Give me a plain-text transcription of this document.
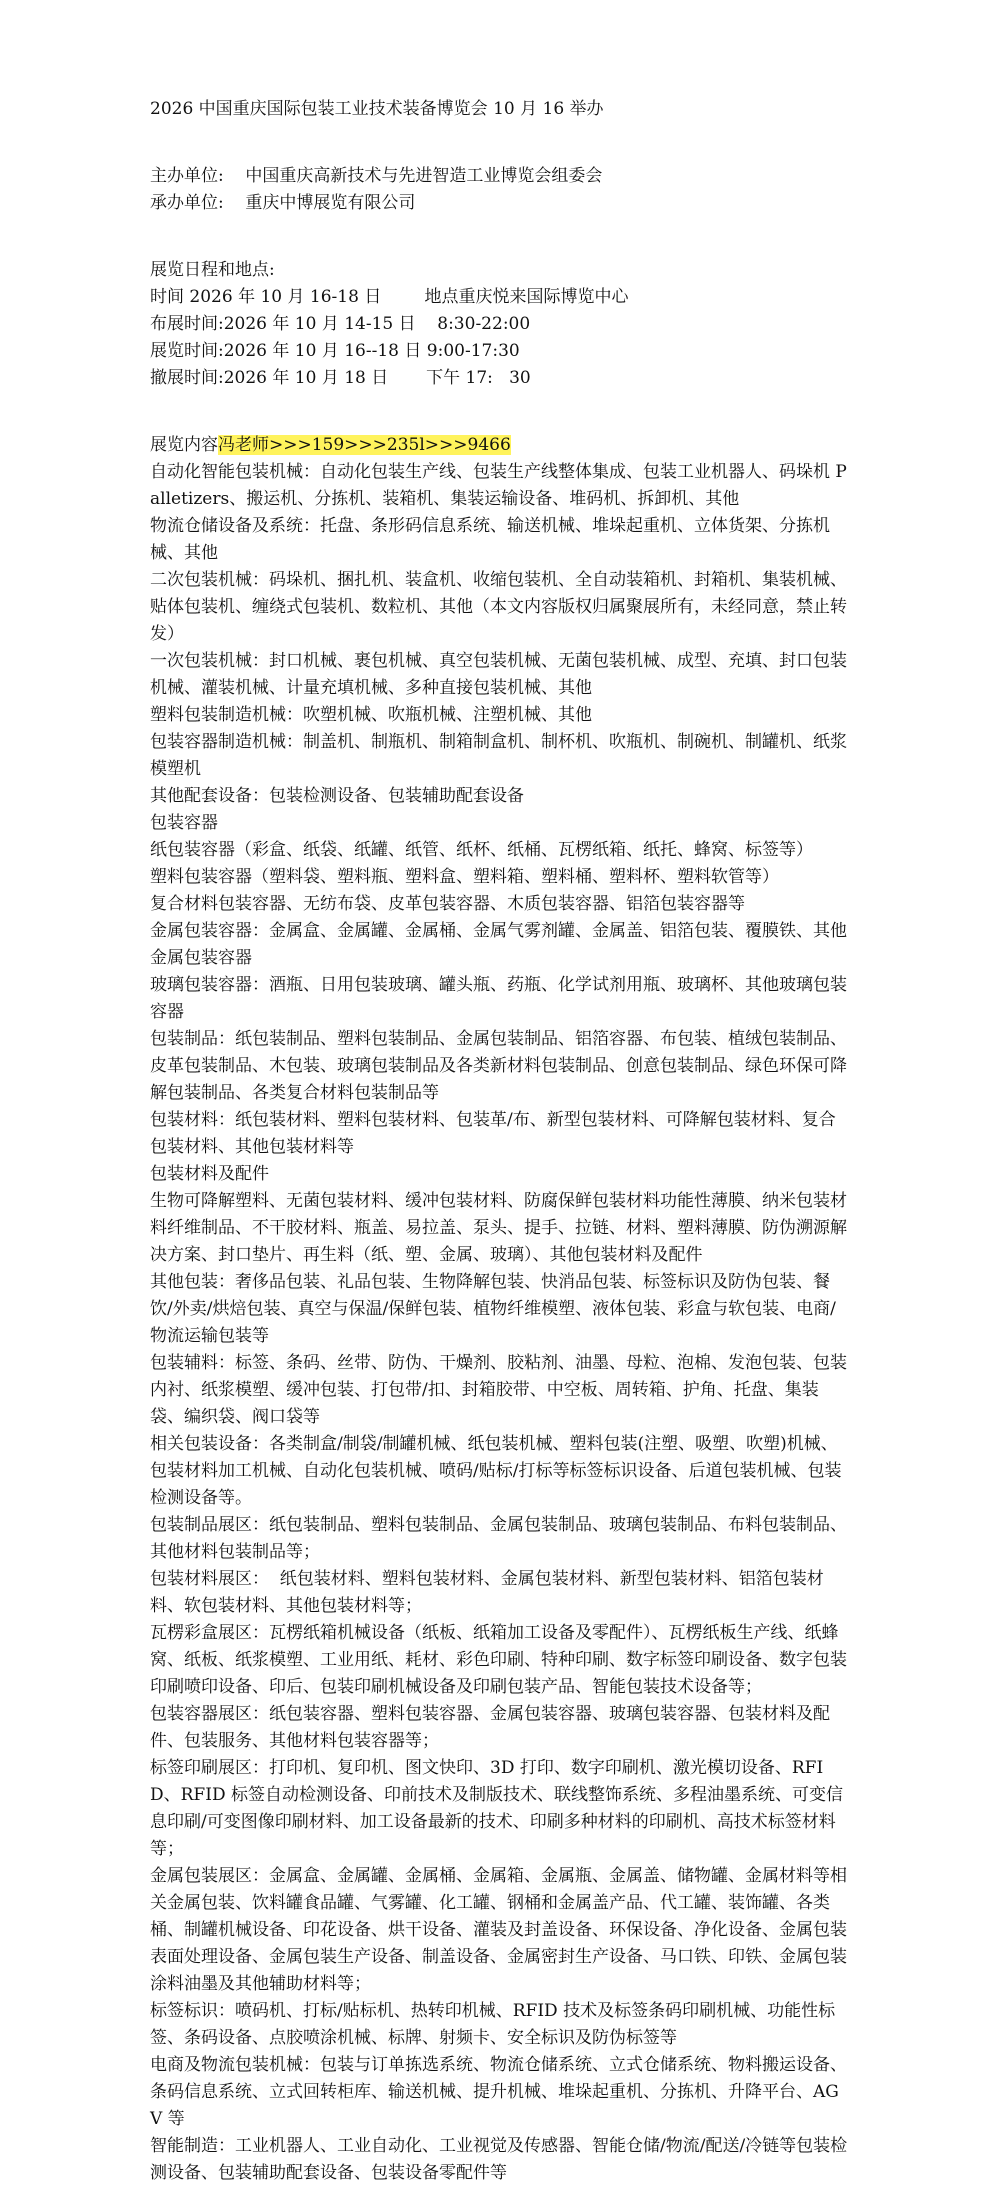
2026 中国重庆国际包装工业技术装备博览会 10 月 16 举办
主办单位:    中国重庆高新技术与先进智造工业博览会组委会
承办单位:    重庆中博展览有限公司
展览日程和地点:
时间 2026 年 10 月 16-18 日        地点重庆悦来国际博览中心
布展时间:2026 年 10 月 14-15 日    8:30-22:00
展览时间:2026 年 10 月 16--18 日 9:00-17:30
撤展时间:2026 年 10 月 18 日       下午 17:   30
展览内容冯老师>>>159>>>235l>>>9466
自动化智能包装机械：自动化包装生产线、包装生产线整体集成、包装工业机器人、码垛机 Palletizers、搬运机、分拣机、装箱机、集装运输设备、堆码机、拆卸机、其他
物流仓储设备及系统：托盘、条形码信息系统、输送机械、堆垛起重机、立体货架、分拣机械、其他
二次包装机械：码垛机、捆扎机、装盒机、收缩包装机、全自动装箱机、封箱机、集装机械、贴体包装机、缠绕式包装机、数粒机、其他（本文内容版权归属聚展所有，未经同意，禁止转发）
一次包装机械：封口机械、裹包机械、真空包装机械、无菌包装机械、成型、充填、封口包装机械、灌装机械、计量充填机械、多种直接包装机械、其他
塑料包装制造机械：吹塑机械、吹瓶机械、注塑机械、其他
包装容器制造机械：制盖机、制瓶机、制箱制盒机、制杯机、吹瓶机、制碗机、制罐机、纸浆模塑机
其他配套设备：包装检测设备、包装辅助配套设备
包装容器
纸包装容器（彩盒、纸袋、纸罐、纸管、纸杯、纸桶、瓦楞纸箱、纸托、蜂窝、标签等）
塑料包装容器（塑料袋、塑料瓶、塑料盒、塑料箱、塑料桶、塑料杯、塑料软管等）
复合材料包装容器、无纺布袋、皮革包装容器、木质包装容器、铝箔包装容器等
金属包装容器：金属盒、金属罐、金属桶、金属气雾剂罐、金属盖、铝箔包装、覆膜铁、其他金属包装容器
玻璃包装容器：酒瓶、日用包装玻璃、罐头瓶、药瓶、化学试剂用瓶、玻璃杯、其他玻璃包装容器
包装制品：纸包装制品、塑料包装制品、金属包装制品、铝箔容器、布包装、植绒包装制品、皮革包装制品、木包装、玻璃包装制品及各类新材料包装制品、创意包装制品、绿色环保可降解包装制品、各类复合材料包装制品等
包装材料：纸包装材料、塑料包装材料、包装革/布、新型包装材料、可降解包装材料、复合包装材料、其他包装材料等
包装材料及配件
生物可降解塑料、无菌包装材料、缓冲包装材料、防腐保鲜包装材料功能性薄膜、纳米包装材料纤维制品、不干胶材料、瓶盖、易拉盖、泵头、提手、拉链、材料、塑料薄膜、防伪溯源解决方案、封口垫片、再生料（纸、塑、金属、玻璃）、其他包装材料及配件
其他包装：奢侈品包装、礼品包装、生物降解包装、快消品包装、标签标识及防伪包装、餐饮/外卖/烘焙包装、真空与保温/保鲜包装、植物纤维模塑、液体包装、彩盒与软包装、电商/物流运输包装等
包装辅料：标签、条码、丝带、防伪、干燥剂、胶粘剂、油墨、母粒、泡棉、发泡包装、包装内衬、纸浆模塑、缓冲包装、打包带/扣、封箱胶带、中空板、周转箱、护角、托盘、集装袋、编织袋、阀口袋等
相关包装设备：各类制盒/制袋/制罐机械、纸包装机械、塑料包装(注塑、吸塑、吹塑)机械、包装材料加工机械、自动化包装机械、喷码/贴标/打标等标签标识设备、后道包装机械、包装检测设备等。
包装制品展区：纸包装制品、塑料包装制品、金属包装制品、玻璃包装制品、布料包装制品、其他材料包装制品等；
包装材料展区：  纸包装材料、塑料包装材料、金属包装材料、新型包装材料、铝箔包装材料、软包装材料、其他包装材料等；
瓦楞彩盒展区：瓦楞纸箱机械设备（纸板、纸箱加工设备及零配件）、瓦楞纸板生产线、纸蜂窝、纸板、纸浆模塑、工业用纸、耗材、彩色印刷、特种印刷、数字标签印刷设备、数字包装印刷喷印设备、印后、包装印刷机械设备及印刷包装产品、智能包装技术设备等；
包装容器展区：纸包装容器、塑料包装容器、金属包装容器、玻璃包装容器、包装材料及配件、包装服务、其他材料包装容器等；
标签印刷展区：打印机、复印机、图文快印、3D 打印、数字印刷机、激光模切设备、RFID、RFID 标签自动检测设备、印前技术及制版技术、联线整饰系统、多程油墨系统、可变信息印刷/可变图像印刷材料、加工设备最新的技术、印刷多种材料的印刷机、高技术标签材料等；
金属包装展区：金属盒、金属罐、金属桶、金属箱、金属瓶、金属盖、储物罐、金属材料等相关金属包装、饮料罐食品罐、气雾罐、化工罐、钢桶和金属盖产品、代工罐、装饰罐、各类桶、制罐机械设备、印花设备、烘干设备、灌装及封盖设备、环保设备、净化设备、金属包装表面处理设备、金属包装生产设备、制盖设备、金属密封生产设备、马口铁、印铁、金属包装涂料油墨及其他辅助材料等；
标签标识：喷码机、打标/贴标机、热转印机械、RFID 技术及标签条码印刷机械、功能性标签、条码设备、点胶喷涂机械、标牌、射频卡、安全标识及防伪标签等
电商及物流包装机械：包装与订单拣选系统、物流仓储系统、立式仓储系统、物料搬运设备、条码信息系统、立式回转柜库、输送机械、提升机械、堆垛起重机、分拣机、升降平台、AGV 等
智能制造：工业机器人、工业自动化、工业视觉及传感器、智能仓储/物流/配送/冷链等包装检测设备、包装辅助配套设备、包装设备零配件等
